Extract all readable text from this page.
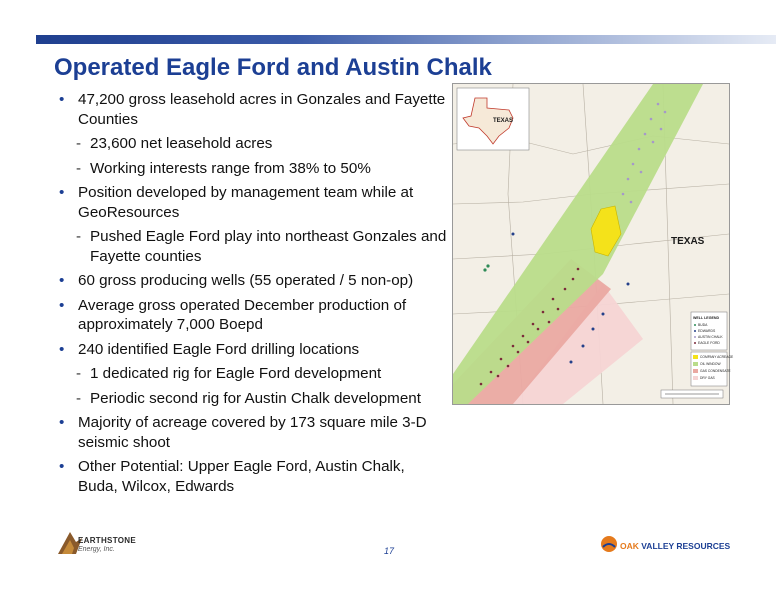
Operated Eagle Ford and Austin Chalk
• 47,200 gross leasehold acres in Gonzales and Fayette Counties
- 23,600 net leasehold acres
- Working interests range from 38% to 50%
• Position developed by management team while at GeoResources
- Pushed Eagle Ford play into northeast Gonzales and Fayette counties
• 60 gross producing wells (55 operated / 5 non-op)
• Average gross operated December production of approximately 7,000 Boepd
• 240 identified Eagle Ford drilling locations
- 1 dedicated rig for Eagle Ford development
- Periodic second rig for Austin Chalk development
• Majority of acreage covered by 173 square mile 3-D seismic shoot
• Other Potential: Upper Eagle Ford, Austin Chalk, Buda, Wilcox, Edwards
TEXAS
TEXAS
WELL LEGEND
BUDA
EDWARDS
AUSTIN CHALK
EAGLE FORD
COMPANY ACREAGE
OIL WINDOW
GAS CONDENSATE
DRY GAS
EARTHSTONE
Energy, Inc.	17	OAK VALLEY RESOURCES
